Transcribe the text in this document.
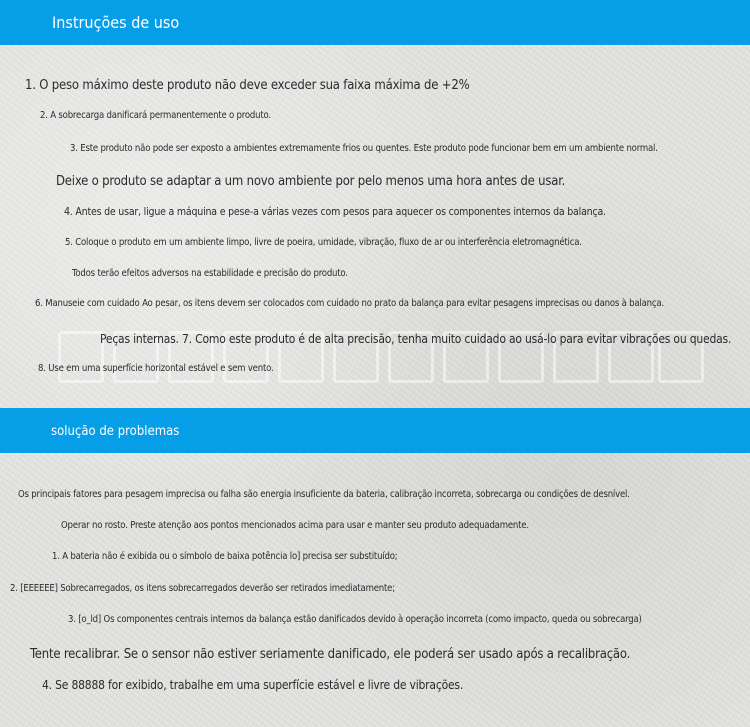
Instruções de uso
1. O peso máximo deste produto não deve exceder sua faixa máxima de +2%
2. A sobrecarga danificará permanentemente o produto.
3. Este produto não pode ser exposto a ambientes extremamente frios ou quentes. Este produto pode funcionar bem em um ambiente normal.
Deixe o produto se adaptar a um novo ambiente por pelo menos uma hora antes de usar.
4. Antes de usar, ligue a máquina e pese-a várias vezes com pesos para aquecer os componentes internos da balança.
5. Coloque o produto em um ambiente limpo, livre de poeira, umidade, vibração, fluxo de ar ou interferência eletromagnética.
Todos terão efeitos adversos na estabilidade e precisão do produto.
6. Manuseie com cuidado Ao pesar, os itens devem ser colocados com cuidado no prato da balança para evitar pesagens imprecisas ou danos à balança.
Peças internas. 7. Como este produto é de alta precisão, tenha muito cuidado ao usá-lo para evitar vibrações ou quedas.
8. Use em uma superfície horizontal estável e sem vento.
solução de problemas
Os principais fatores para pesagem imprecisa ou falha são energia insuficiente da bateria, calibração incorreta, sobrecarga ou condições de desnível.
Operar no rosto. Preste atenção aos pontos mencionados acima para usar e manter seu produto adequadamente.
1. A bateria não é exibida ou o símbolo de baixa potência lo] precisa ser substituído;
2. [EEEEEE] Sobrecarregados, os itens sobrecarregados deverão ser retirados imediatamente;
3. [o_ld] Os componentes centrais internos da balança estão danificados devido à operação incorreta (como impacto, queda ou sobrecarga)
Tente recalibrar. Se o sensor não estiver seriamente danificado, ele poderá ser usado após a recalibração.
4. Se 88888 for exibido, trabalhe em uma superfície estável e livre de vibrações.
